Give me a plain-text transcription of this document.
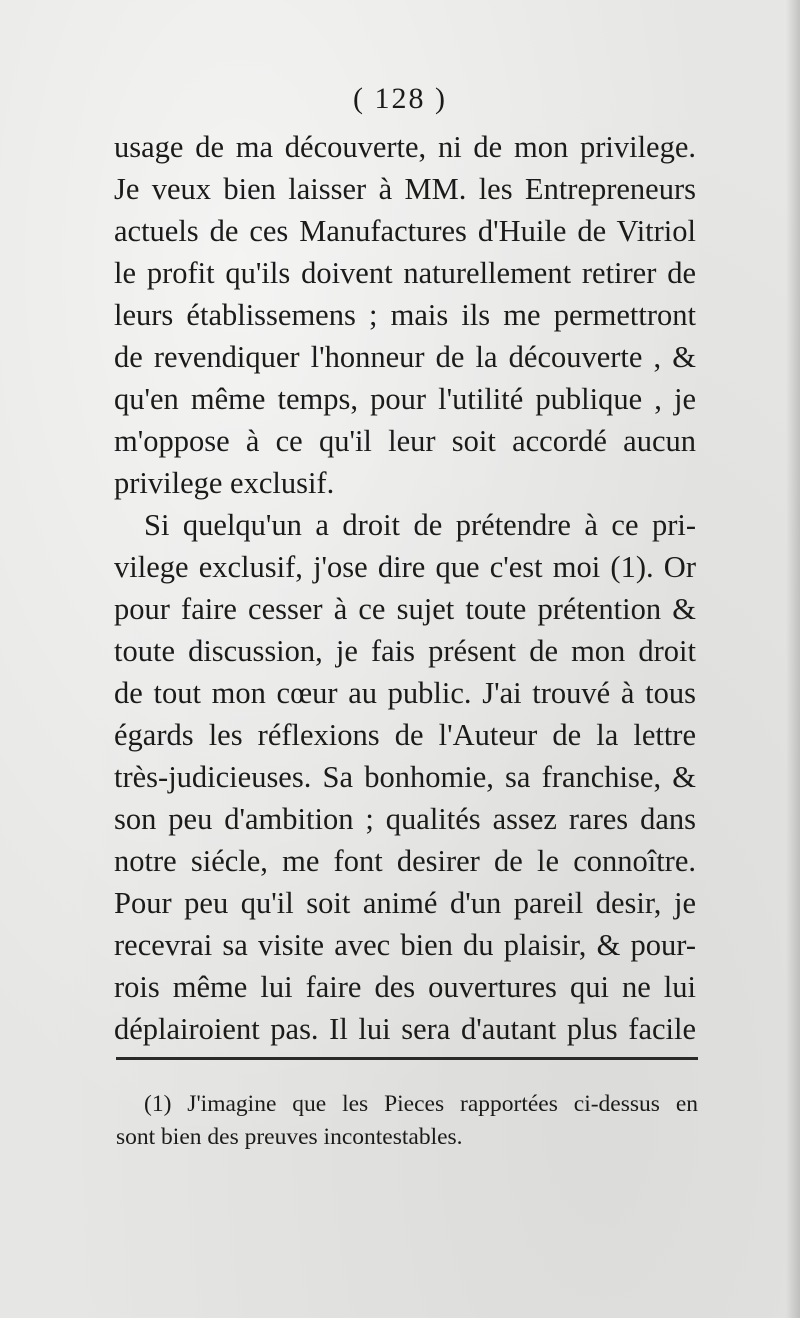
( 128 )
usage de ma découverte, ni de mon privilege.
Je veux bien laisser à MM. les Entrepreneurs
actuels de ces Manufactures d'Huile de Vitriol
le profit qu'ils doivent naturellement retirer de
leurs établissemens ; mais ils me permettront
de revendiquer l'honneur de la découverte , &
qu'en même temps, pour l'utilité publique , je
m'oppose à ce qu'il leur soit accordé aucun
privilege exclusif.
Si quelqu'un a droit de prétendre à ce pri-
vilege exclusif, j'ose dire que c'est moi (1). Or
pour faire cesser à ce sujet toute prétention &
toute discussion, je fais présent de mon droit
de tout mon cœur au public. J'ai trouvé à tous
égards les réflexions de l'Auteur de la lettre
très-judicieuses. Sa bonhomie, sa franchise, &
son peu d'ambition ; qualités assez rares dans
notre siécle, me font desirer de le connoître.
Pour peu qu'il soit animé d'un pareil desir, je
recevrai sa visite avec bien du plaisir, & pour-
rois même lui faire des ouvertures qui ne lui
déplairoient pas. Il lui sera d'autant plus facile
(1) J'imagine que les Pieces rapportées ci-dessus en
sont bien des preuves incontestables.
